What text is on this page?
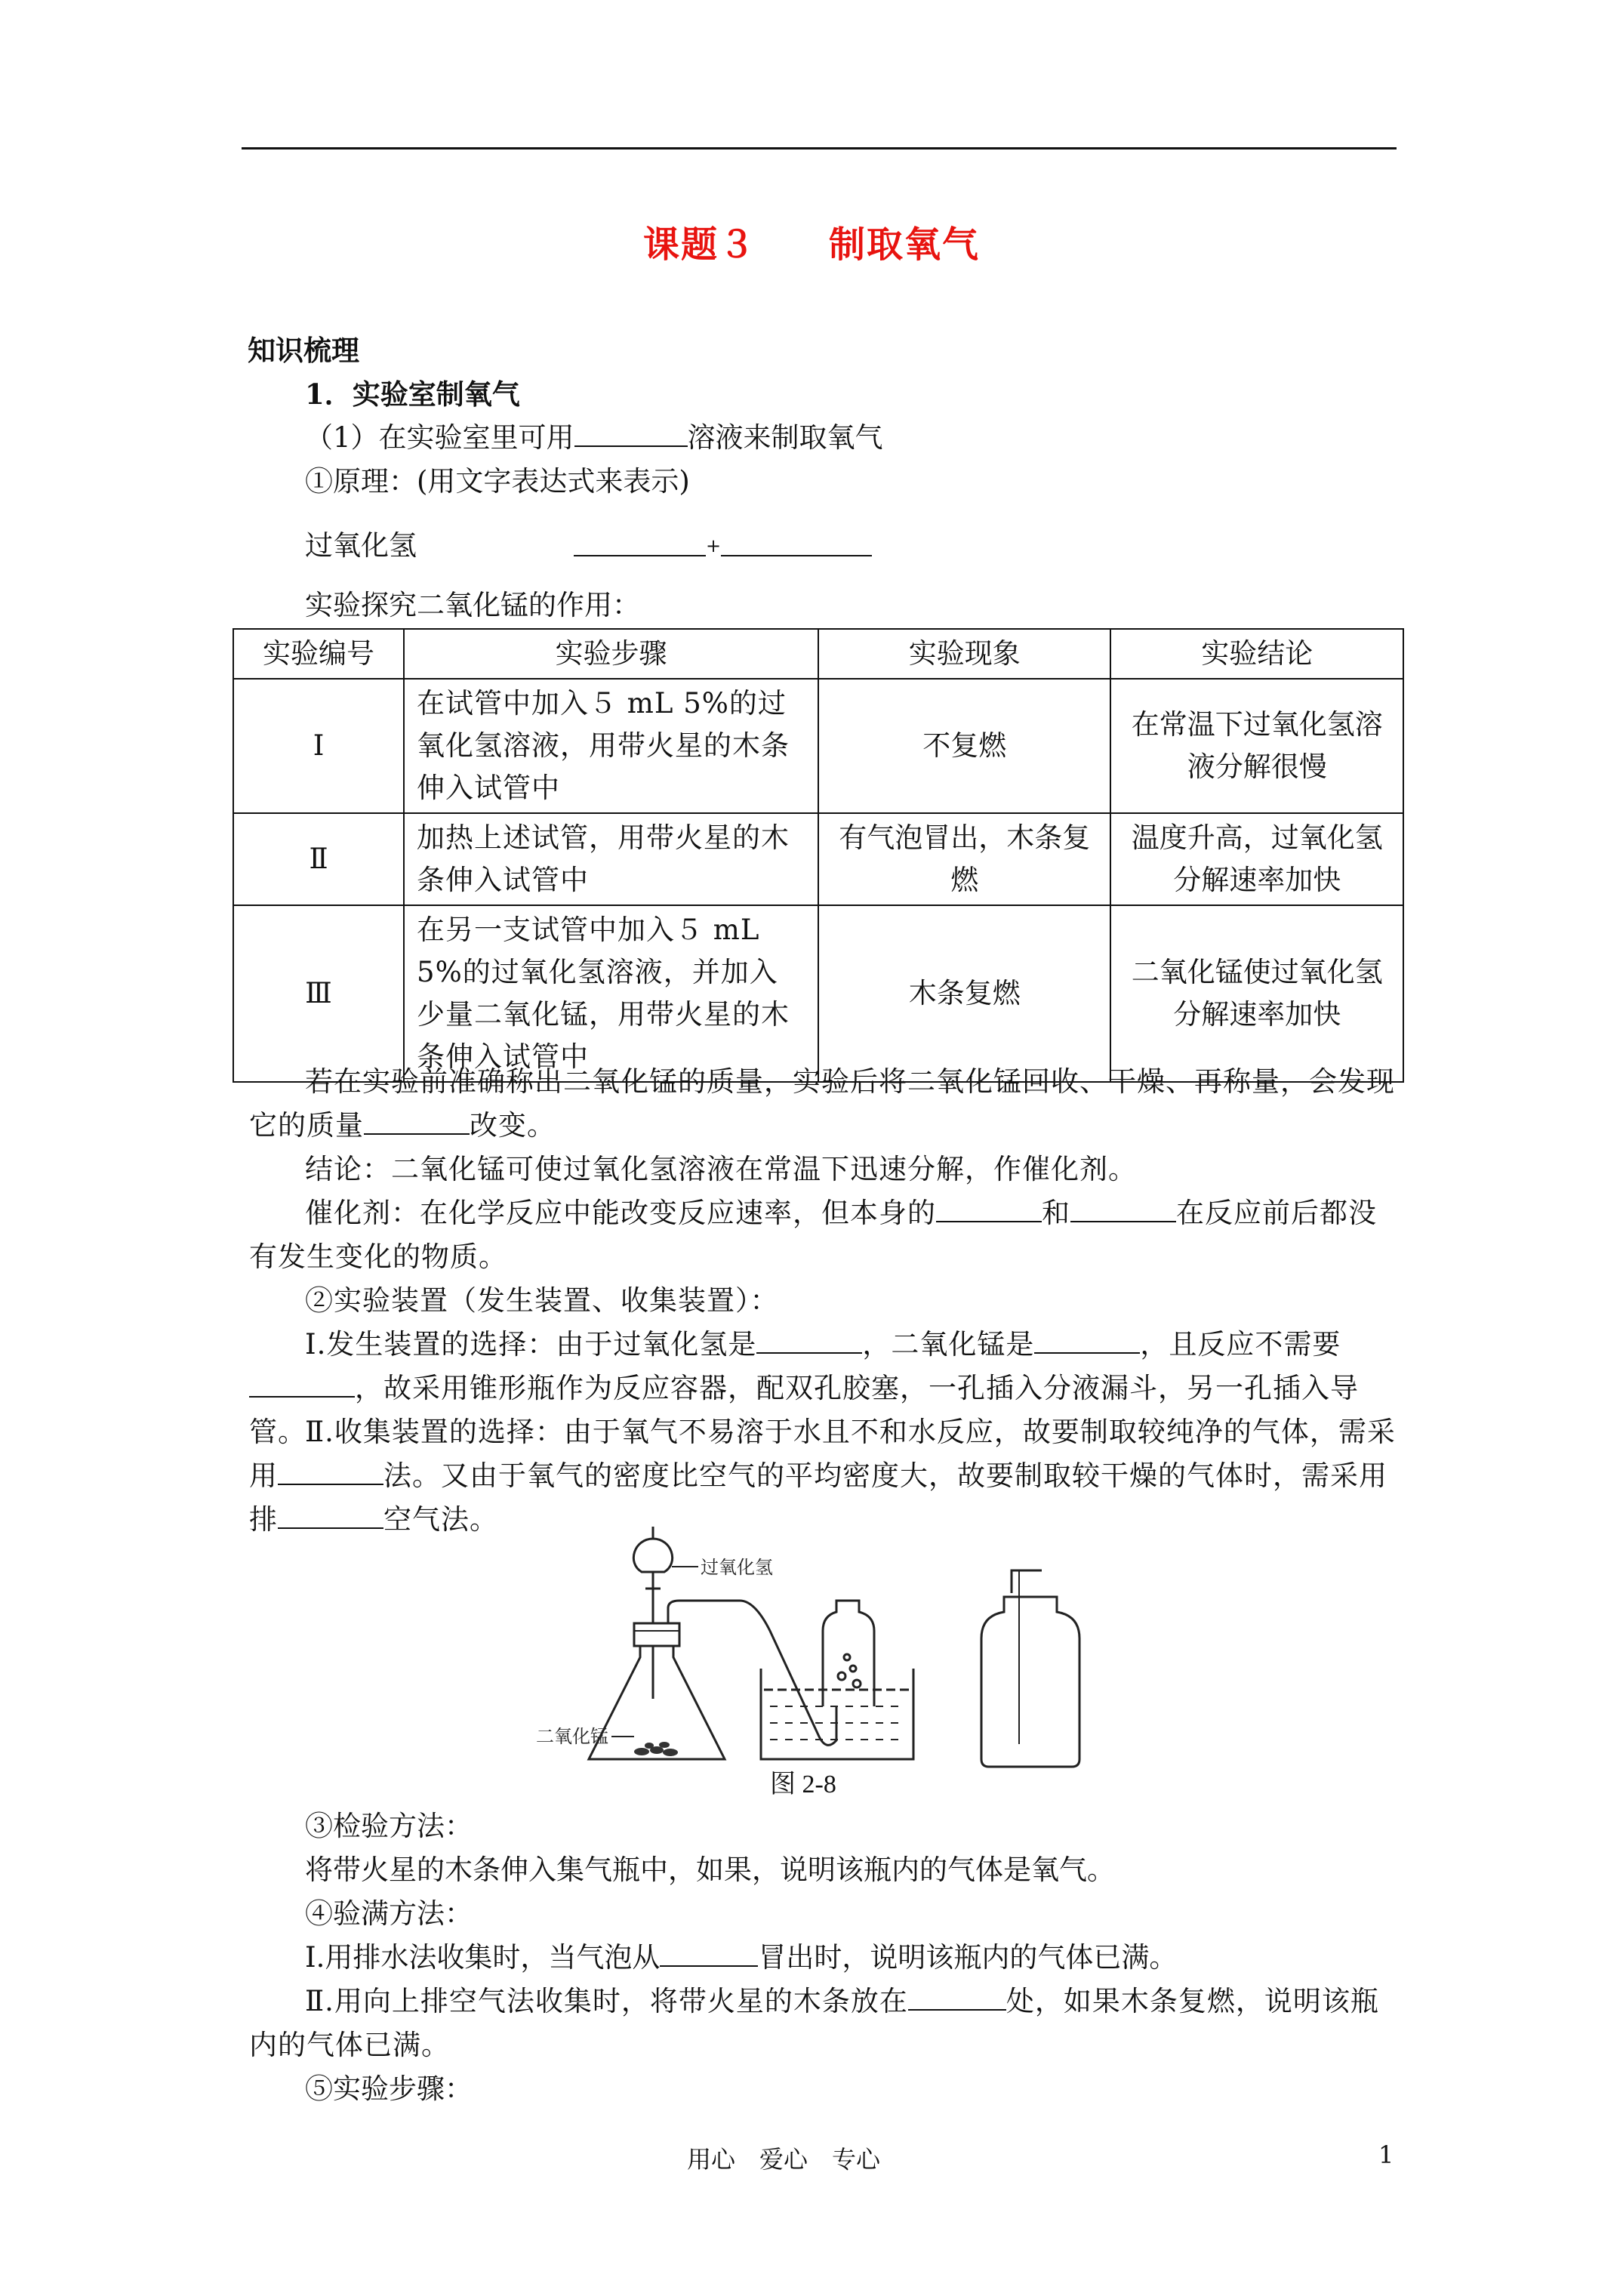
课题３ 制取氧气
知识梳理
1．实验室制氧气
（1）在实验室里可用	溶液来制取氧气
①原理：(用文字表达式来表示)
过氧化氢	+
实验探究二氧化锰的作用：
实验编号	实验步骤	实验现象	实验结论
Ⅰ	在试管中加入５ mL 5%的过氧化氢溶液，用带火星的木条伸入试管中	不复燃	在常温下过氧化氢溶液分解很慢
Ⅱ	加热上述试管，用带火星的木条伸入试管中	有气泡冒出，木条复燃	温度升高，过氧化氢分解速率加快
Ⅲ	在另一支试管中加入５ mL 5%的过氧化氢溶液，并加入少量二氧化锰，用带火星的木条伸入试管中	木条复燃	二氧化锰使过氧化氢分解速率加快
若在实验前准确称出二氧化锰的质量，实验后将二氧化锰回收、干燥、再称量，会发现它的质量	改变。
结论：二氧化锰可使过氧化氢溶液在常温下迅速分解，作催化剂。
催化剂：在化学反应中能改变反应速率，但本身的	和	在反应前后都没有发生变化的物质。
②实验装置（发生装置、收集装置）：
Ⅰ.发生装置的选择：由于过氧化氢是	，二氧化锰是	，且反应不需要，故采用锥形瓶作为反应容器，配双孔胶塞，一孔插入分液漏斗，另一孔插入导管。
Ⅱ.收集装置的选择：由于氧气不易溶于水且不和水反应，故要制取较纯净的气体，需采用	法。又由于氧气的密度比空气的平均密度大，故要制取较干燥的气体时，需采用排	空气法。
过氧化氢
二氧化锰
图 2-8
③检验方法：
将带火星的木条伸入集气瓶中，如果，说明该瓶内的气体是氧气。
④验满方法：
Ⅰ.用排水法收集时，当气泡从	冒出时，说明该瓶内的气体已满。
Ⅱ.用向上排空气法收集时，将带火星的木条放在	处，如果木条复燃，说明该瓶内的气体已满。
⑤实验步骤：
用心　爱心　专心	1
